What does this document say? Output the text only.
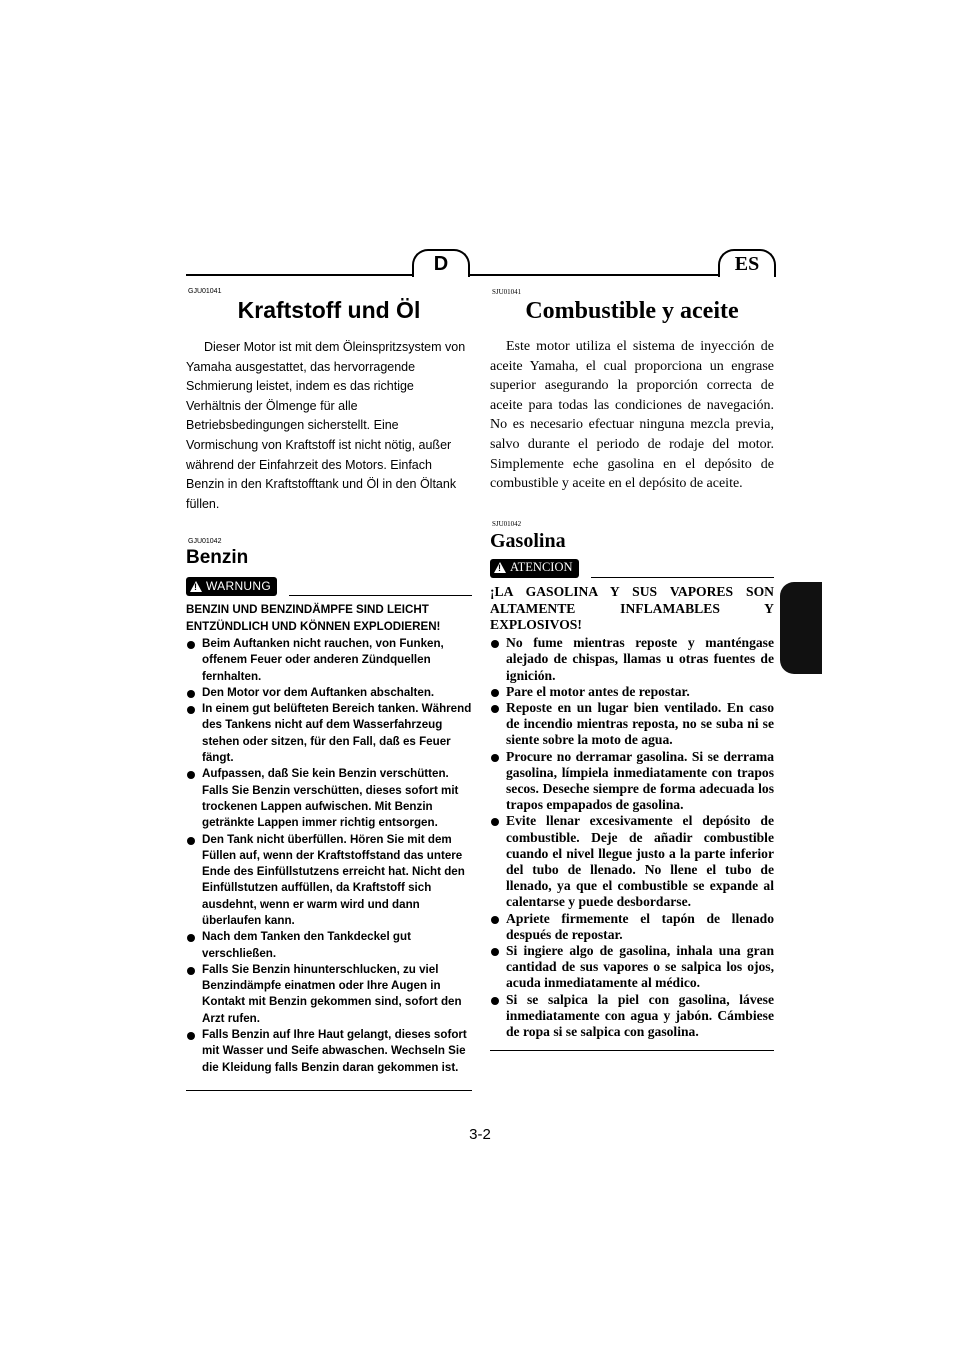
D	ES
GJU01041
Kraftstoff und Öl

Dieser Motor ist mit dem Öleinspritzsystem von Yamaha ausgestattet, das hervorragende Schmierung leistet, indem es das richtige Verhältnis der Ölmenge für alle Betriebsbedingungen sicherstellt. Eine Vormischung von Kraftstoff ist nicht nötig, außer während der Einfahrzeit des Motors. Einfach Benzin in den Kraftstofftank und Öl in den Öltank füllen.

GJU01042
Benzin
!
WARNUNG

BENZIN UND BENZINDÄMPFE SIND LEICHT ENTZÜNDLICH UND KÖNNEN EXPLODIEREN!

Beim Auftanken nicht rauchen, von Funken, offenem Feuer oder anderen Zündquellen fernhalten.
Den Motor vor dem Auftanken abschalten.
In einem gut belüfteten Bereich tanken. Während des Tankens nicht auf dem Wasserfahrzeug stehen oder sitzen, für den Fall, daß es Feuer fängt.
Aufpassen, daß Sie kein Benzin verschütten. Falls Sie Benzin verschütten, dieses sofort mit trockenen Lappen aufwischen. Mit Benzin getränkte Lappen immer richtig entsorgen.
Den Tank nicht überfüllen. Hören Sie mit dem Füllen auf, wenn der Kraftstoffstand das untere Ende des Einfüllstutzens erreicht hat. Nicht den Einfüllstutzen auffüllen, da Kraftstoff sich ausdehnt, wenn er warm wird und dann überlaufen kann.
Nach dem Tanken den Tankdeckel gut verschließen.
Falls Sie Benzin hinunterschlucken, zu viel Benzindämpfe einatmen oder Ihre Augen in Kontakt mit Benzin gekommen sind, sofort den Arzt rufen.
Falls Benzin auf Ihre Haut gelangt, dieses sofort mit Wasser und Seife abwaschen. Wechseln Sie die Kleidung falls Benzin daran gekommen ist.
SJU01041
Combustible y aceite

Este motor utiliza el sistema de inyección de aceite Yamaha, el cual proporciona un engrase superior asegurando la proporción correcta de aceite para todas las condiciones de navegación. No es necesario efectuar ninguna mezcla previa, salvo durante el periodo de rodaje del motor. Simplemente eche gasolina en el depósito de combustible y aceite en el depósito de aceite.

SJU01042
Gasolina
!
ATENCION

¡LA GASOLINA Y SUS VAPORES SON ALTAMENTE INFLAMABLES Y EXPLOSIVOS!

No fume mientras reposte y manténgase alejado de chispas, llamas u otras fuentes de ignición.
Pare el motor antes de repostar.
Reposte en un lugar bien ventilado. En caso de incendio mientras reposta, no se suba ni se siente sobre la moto de agua.
Procure no derramar gasolina. Si se derrama gasolina, límpiela inmediatamente con trapos secos. Deseche siempre de forma adecuada los trapos empapados de gasolina.
Evite llenar excesivamente el depósito de combustible. Deje de añadir combustible cuando el nivel llegue justo a la parte inferior del tubo de llenado. No llene el tubo de llenado, ya que el combustible se expande al calentarse y puede desbordarse.
Apriete firmemente el tapón de llenado después de repostar.
Si ingiere algo de gasolina, inhala una gran cantidad de sus vapores o se salpica los ojos, acuda inmediatamente al médico.
Si se salpica la piel con gasolina, lávese inmediatamente con agua y jabón. Cámbiese de ropa si se salpica con gasolina.
3-2
